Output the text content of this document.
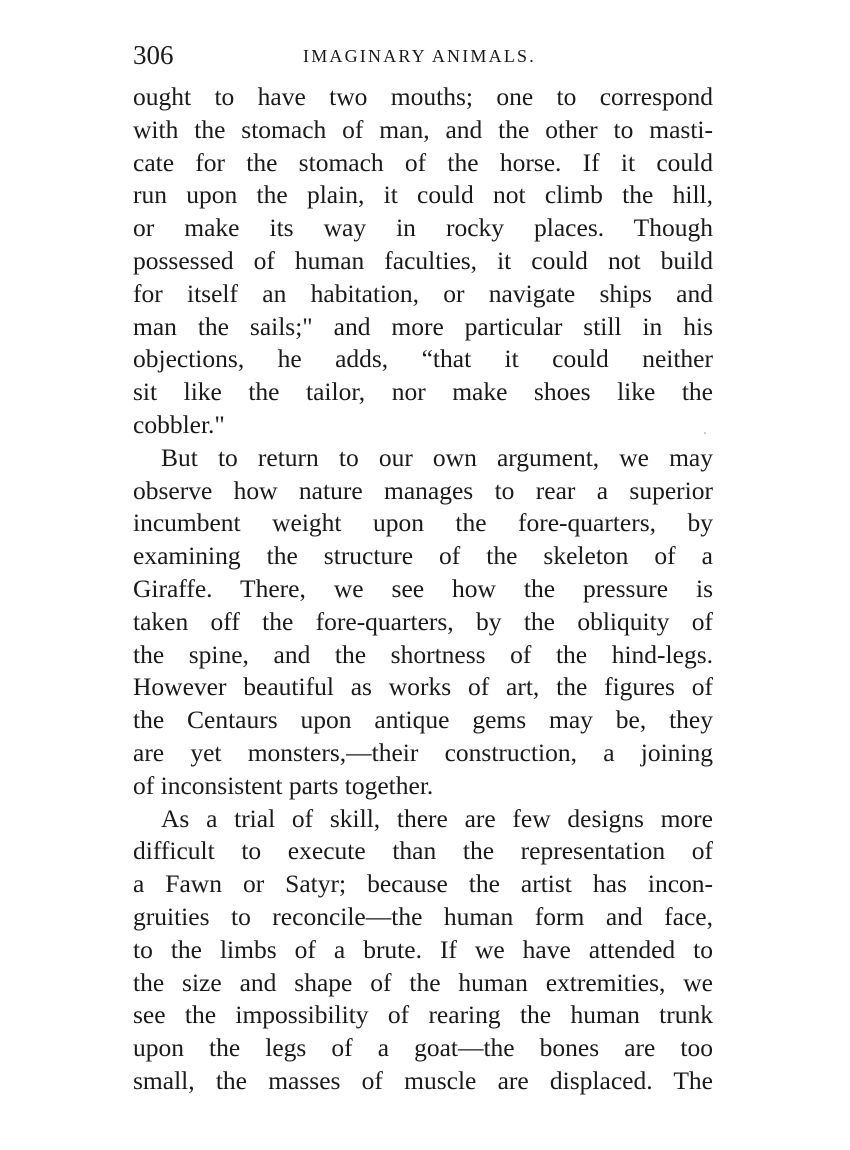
306	IMAGINARY ANIMALS.
ought to have two mouths; one to correspond
with the stomach of man, and the other to masti-
cate for the stomach of the horse. If it could
run upon the plain, it could not climb the hill,
or make its way in rocky places. Though
possessed of human faculties, it could not build
for itself an habitation, or navigate ships and
man the sails;" and more particular still in his
objections, he adds, “that it could neither
sit like the tailor, nor make shoes like the
cobbler."
But to return to our own argument, we may
observe how nature manages to rear a superior
incumbent weight upon the fore-quarters, by
examining the structure of the skeleton of a
Giraffe. There, we see how the pressure is
taken off the fore-quarters, by the obliquity of
the spine, and the shortness of the hind-legs.
However beautiful as works of art, the figures of
the Centaurs upon antique gems may be, they
are yet monsters,—their construction, a joining
of inconsistent parts together.
As a trial of skill, there are few designs more
difficult to execute than the representation of
a Fawn or Satyr; because the artist has incon-
gruities to reconcile—the human form and face,
to the limbs of a brute. If we have attended to
the size and shape of the human extremities, we
see the impossibility of rearing the human trunk
upon the legs of a goat—the bones are too
small, the masses of muscle are displaced. The
